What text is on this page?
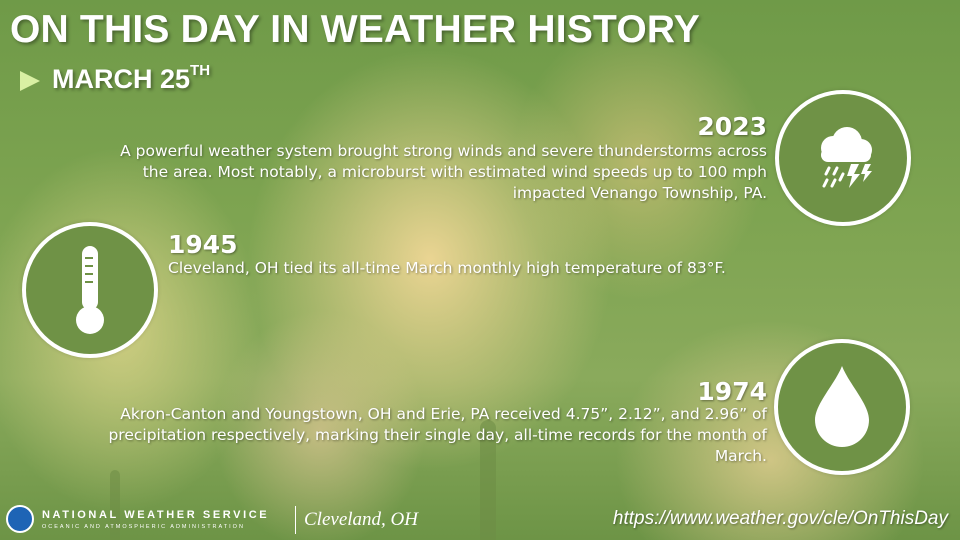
ON THIS DAY IN WEATHER HISTORY
MARCH 25TH
2023
A powerful weather system brought strong winds and severe thunderstorms across the area. Most notably, a microburst with estimated wind speeds up to 100 mph impacted Venango Township, PA.
1945
Cleveland, OH tied its all-time March monthly high temperature of 83°F.
1974
Akron-Canton and Youngstown, OH and Erie, PA received 4.75”, 2.12”, and 2.96” of precipitation respectively, marking their single day, all-time records for the month of March.
NATIONAL WEATHER SERVICE
OCEANIC AND ATMOSPHERIC ADMINISTRATION	Cleveland, OH	https://www.weather.gov/cle/OnThisDay
